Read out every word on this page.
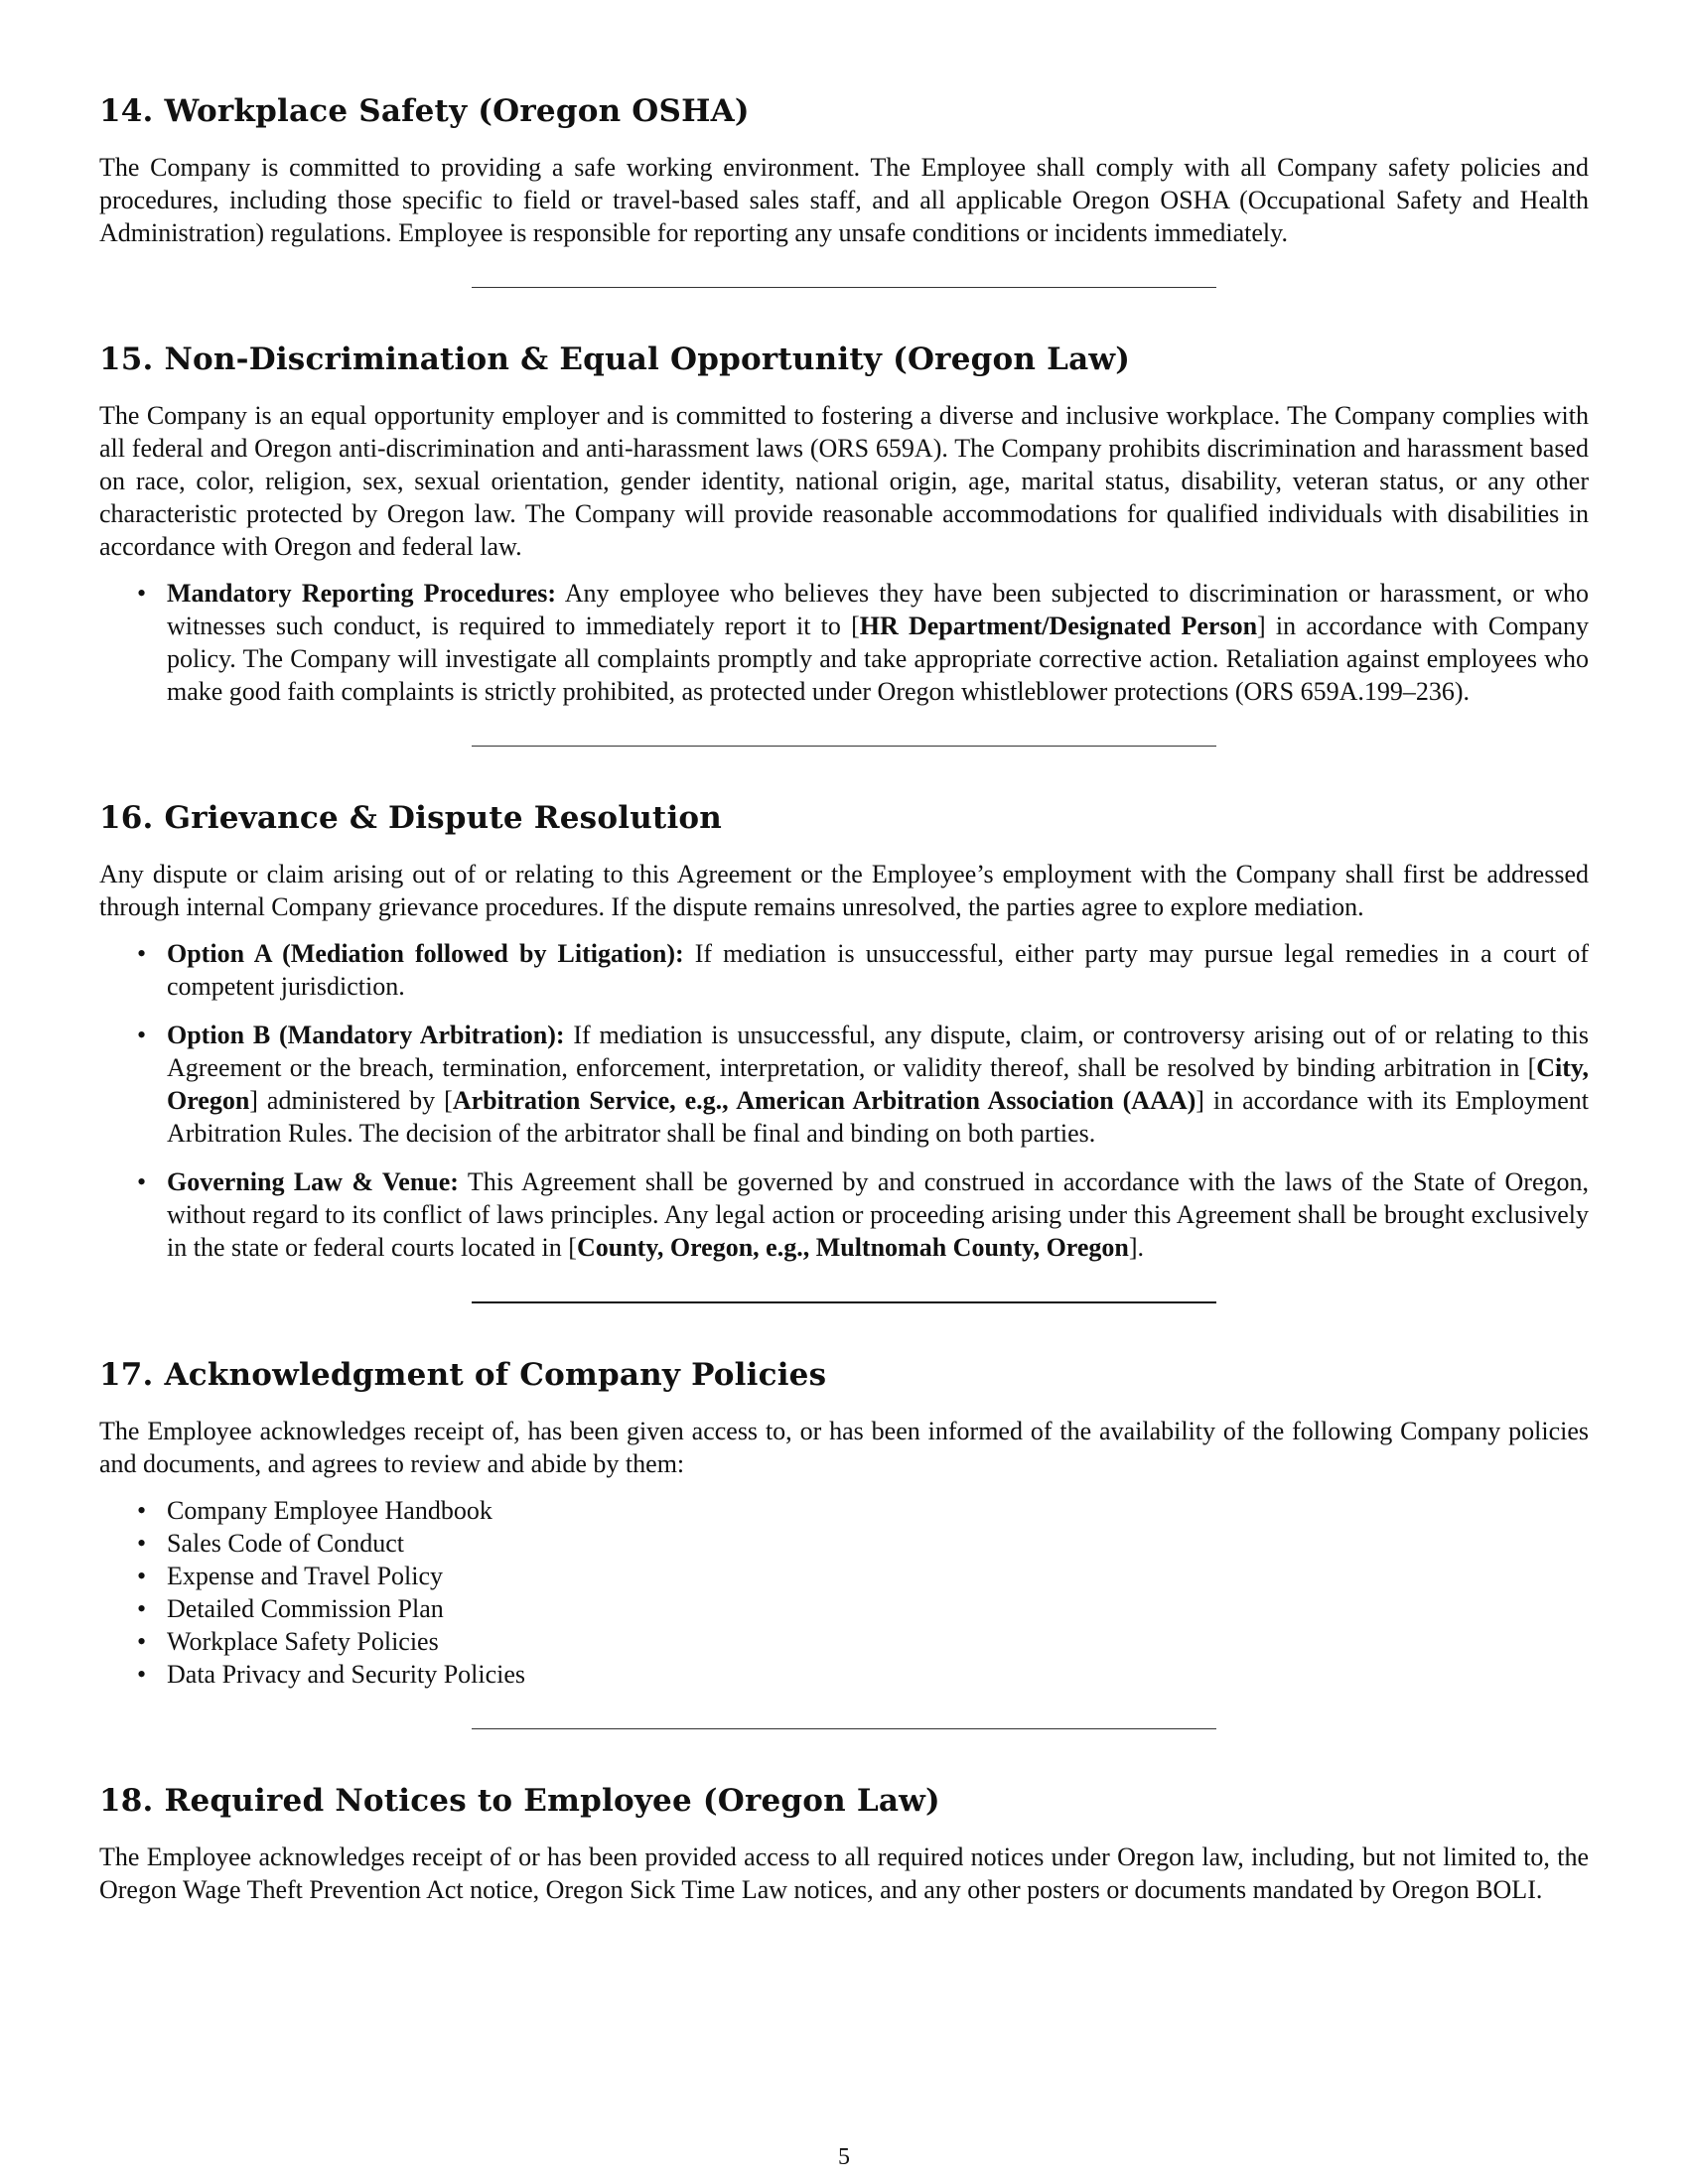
14. Workplace Safety (Oregon OSHA)

The Company is committed to providing a safe working environment. The Employee shall comply with all Company safety policies and procedures, including those specific to field or travel-based sales staff, and all applicable Oregon OSHA (Occupational Safety and Health Administration) regulations. Employee is responsible for reporting any unsafe conditions or incidents immediately.

15. Non-Discrimination & Equal Opportunity (Oregon Law)

The Company is an equal opportunity employer and is committed to fostering a diverse and inclusive workplace. The Company complies with all federal and Oregon anti-discrimination and anti-harassment laws (ORS 659A). The Company prohibits discrimination and harassment based on race, color, religion, sex, sexual orientation, gender identity, national origin, age, marital status, disability, veteran status, or any other characteristic protected by Oregon law. The Company will provide reasonable accommodations for qualified individuals with disabilities in accordance with Oregon and federal law.

• Mandatory Reporting Procedures: Any employee who believes they have been subjected to discrimination or harassment, or who witnesses such conduct, is required to immediately report it to [HR Department/Designated Person] in accordance with Company policy. The Company will investigate all complaints promptly and take appropriate corrective action. Retaliation against employees who make good faith complaints is strictly prohibited, as protected under Oregon whistleblower protections (ORS 659A.199–236).
16. Grievance & Dispute Resolution

Any dispute or claim arising out of or relating to this Agreement or the Employee’s employment with the Company shall first be addressed through internal Company grievance procedures. If the dispute remains unresolved, the parties agree to explore mediation.

• Option A (Mediation followed by Litigation): If mediation is unsuccessful, either party may pursue legal remedies in a court of competent jurisdiction.
• Option B (Mandatory Arbitration): If mediation is unsuccessful, any dispute, claim, or controversy arising out of or relating to this Agreement or the breach, termination, enforcement, interpretation, or validity thereof, shall be resolved by binding arbitration in [City, Oregon] administered by [Arbitration Service, e.g., American Arbitration Association (AAA)] in accordance with its Employment Arbitration Rules. The decision of the arbitrator shall be final and binding on both parties.
• Governing Law & Venue: This Agreement shall be governed by and construed in accordance with the laws of the State of Oregon, without regard to its conflict of laws principles. Any legal action or proceeding arising under this Agreement shall be brought exclusively in the state or federal courts located in [County, Oregon, e.g., Multnomah County, Oregon].
17. Acknowledgment of Company Policies

The Employee acknowledges receipt of, has been given access to, or has been informed of the availability of the following Company policies and documents, and agrees to review and abide by them:

• Company Employee Handbook
• Sales Code of Conduct
• Expense and Travel Policy
• Detailed Commission Plan
• Workplace Safety Policies
• Data Privacy and Security Policies
18. Required Notices to Employee (Oregon Law)

The Employee acknowledges receipt of or has been provided access to all required notices under Oregon law, including, but not limited to, the Oregon Wage Theft Prevention Act notice, Oregon Sick Time Law notices, and any other posters or documents mandated by Oregon BOLI.

5
